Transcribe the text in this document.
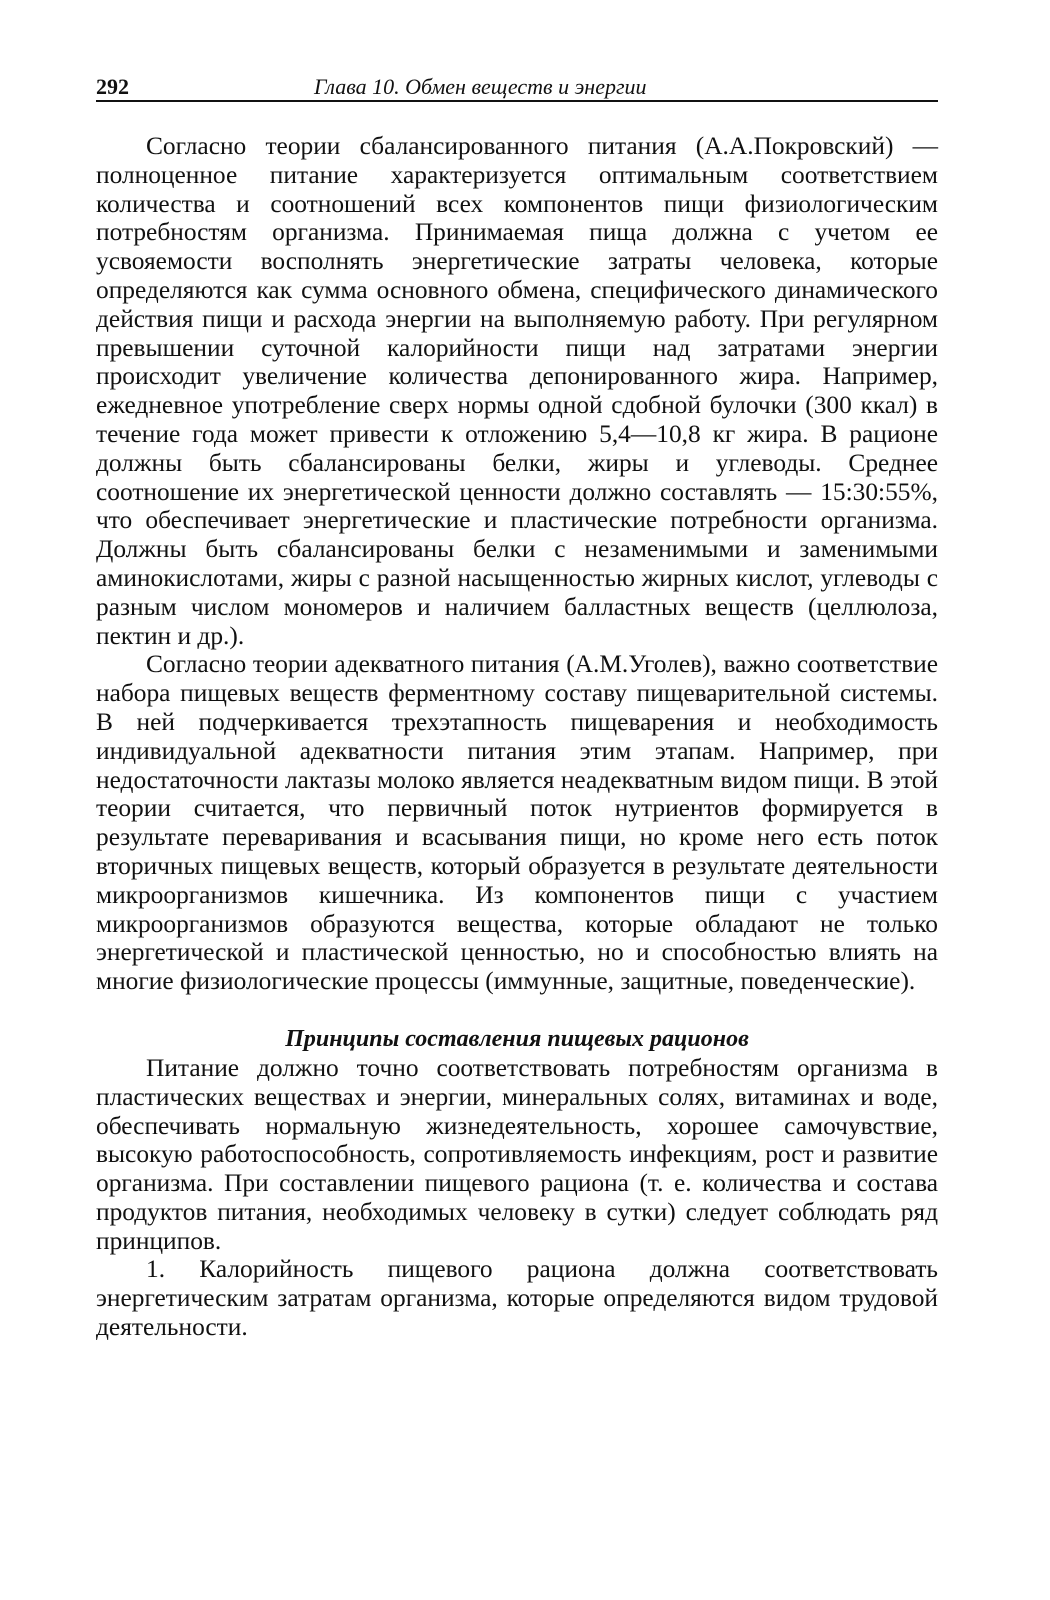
292	Глава 10. Обмен веществ и энергии

Согласно теории сбалансированного питания (А.А.Покровский) — полноценное питание характеризуется оптимальным соответствием количества и соотношений всех компонентов пищи физиологическим потребностям организма. Принимаемая пища должна с учетом ее усвояемости восполнять энергетические затраты человека, которые определяются как сумма основного обмена, специфического динамического действия пищи и расхода энергии на выполняемую работу. При регулярном превышении суточной калорийности пищи над затратами энергии происходит увеличение количества депонированного жира. Например, ежедневное употребление сверх нормы одной сдобной булочки (300 ккал) в течение года может привести к отложению 5,4—10,8 кг жира. В рационе должны быть сбалансированы белки, жиры и углеводы. Среднее соотношение их энергетической ценности должно составлять — 15:30:55%, что обеспечивает энергетические и пластические потребности организма. Должны быть сбалансированы белки с незаменимыми и заменимыми аминокислотами, жиры с разной насыщенностью жирных кислот, углеводы с разным числом мономеров и наличием балластных веществ (целлюлоза, пектин и др.).

Согласно теории адекватного питания (А.М.Уголев), важно соответствие набора пищевых веществ ферментному составу пищеварительной системы. В ней подчеркивается трехэтапность пищеварения и необходимость индивидуальной адекватности питания этим этапам. Например, при недостаточности лактазы молоко является неадекватным видом пищи. В этой теории считается, что первичный поток нутриентов формируется в результате переваривания и всасывания пищи, но кроме него есть поток вторичных пищевых веществ, который образуется в результате деятельности микроорганизмов кишечника. Из компонентов пищи с участием микроорганизмов образуются вещества, которые обладают не только энергетической и пластической ценностью, но и способностью влиять на многие физиологические процессы (иммунные, защитные, поведенческие).

Принципы составления пищевых рационов

Питание должно точно соответствовать потребностям организма в пластических веществах и энергии, минеральных солях, витаминах и воде, обеспечивать нормальную жизнедеятельность, хорошее самочувствие, высокую работоспособность, сопротивляемость инфекциям, рост и развитие организма. При составлении пищевого рациона (т. е. количества и состава продуктов питания, необходимых человеку в сутки) следует соблюдать ряд принципов.

1. Калорийность пищевого рациона должна соответствовать энергетическим затратам организма, которые определяются видом трудовой деятельности.
